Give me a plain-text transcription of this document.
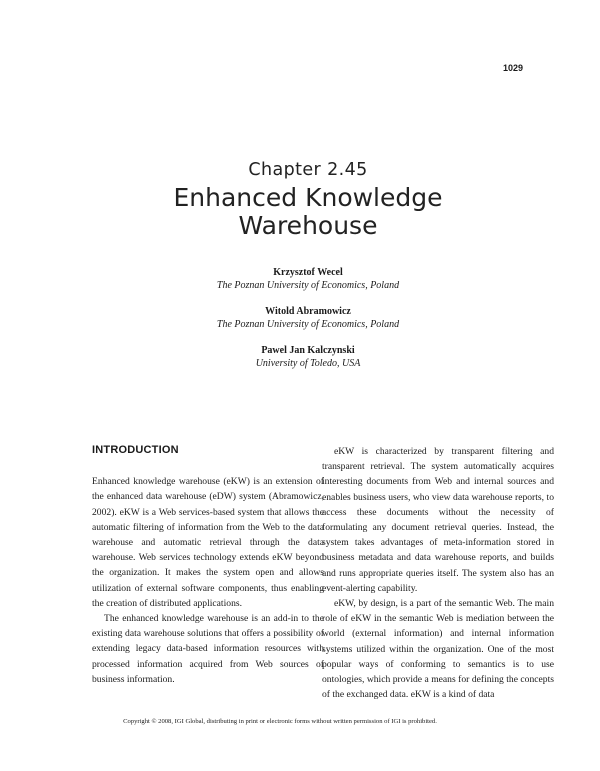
1029
Chapter 2.45
Enhanced Knowledge
Warehouse
Krzysztof Wecel
The Poznan University of Economics, Poland
Witold Abramowicz
The Poznan University of Economics, Poland
Pawel Jan Kalczynski
University of Toledo, USA
INTRODUCTION

Enhanced knowledge warehouse (eKW) is an extension of the enhanced data warehouse (eDW) system (Abramowicz, 2002). eKW is a Web services-based system that allows the automatic filtering of information from the Web to the data warehouse and automatic retrieval through the data warehouse. Web services technology extends eKW beyond the organization. It makes the system open and allows utilization of external software components, thus enabling the creation of distributed applications.

The enhanced knowledge warehouse is an add-in to the existing data warehouse solutions that offers a possibility of extending legacy data-based information resources with processed information acquired from Web sources of business information.

eKW is characterized by transparent filtering and transparent retrieval. The system automatically acquires interesting documents from Web and internal sources and enables business users, who view data warehouse reports, to access these documents without the necessity of formulating any document retrieval queries. Instead, the system takes advantages of meta-information stored in business metadata and data warehouse reports, and builds and runs appropriate queries itself. The system also has an event-alerting capability.

eKW, by design, is a part of the semantic Web. The main role of eKW in the semantic Web is mediation between the world (external information) and internal information systems utilized within the organization. One of the most popular ways of conforming to semantics is to use ontologies, which provide a means for defining the concepts of the exchanged data. eKW is a kind of data

Copyright © 2008, IGI Global, distributing in print or electronic forms without written permission of IGI is prohibited.
